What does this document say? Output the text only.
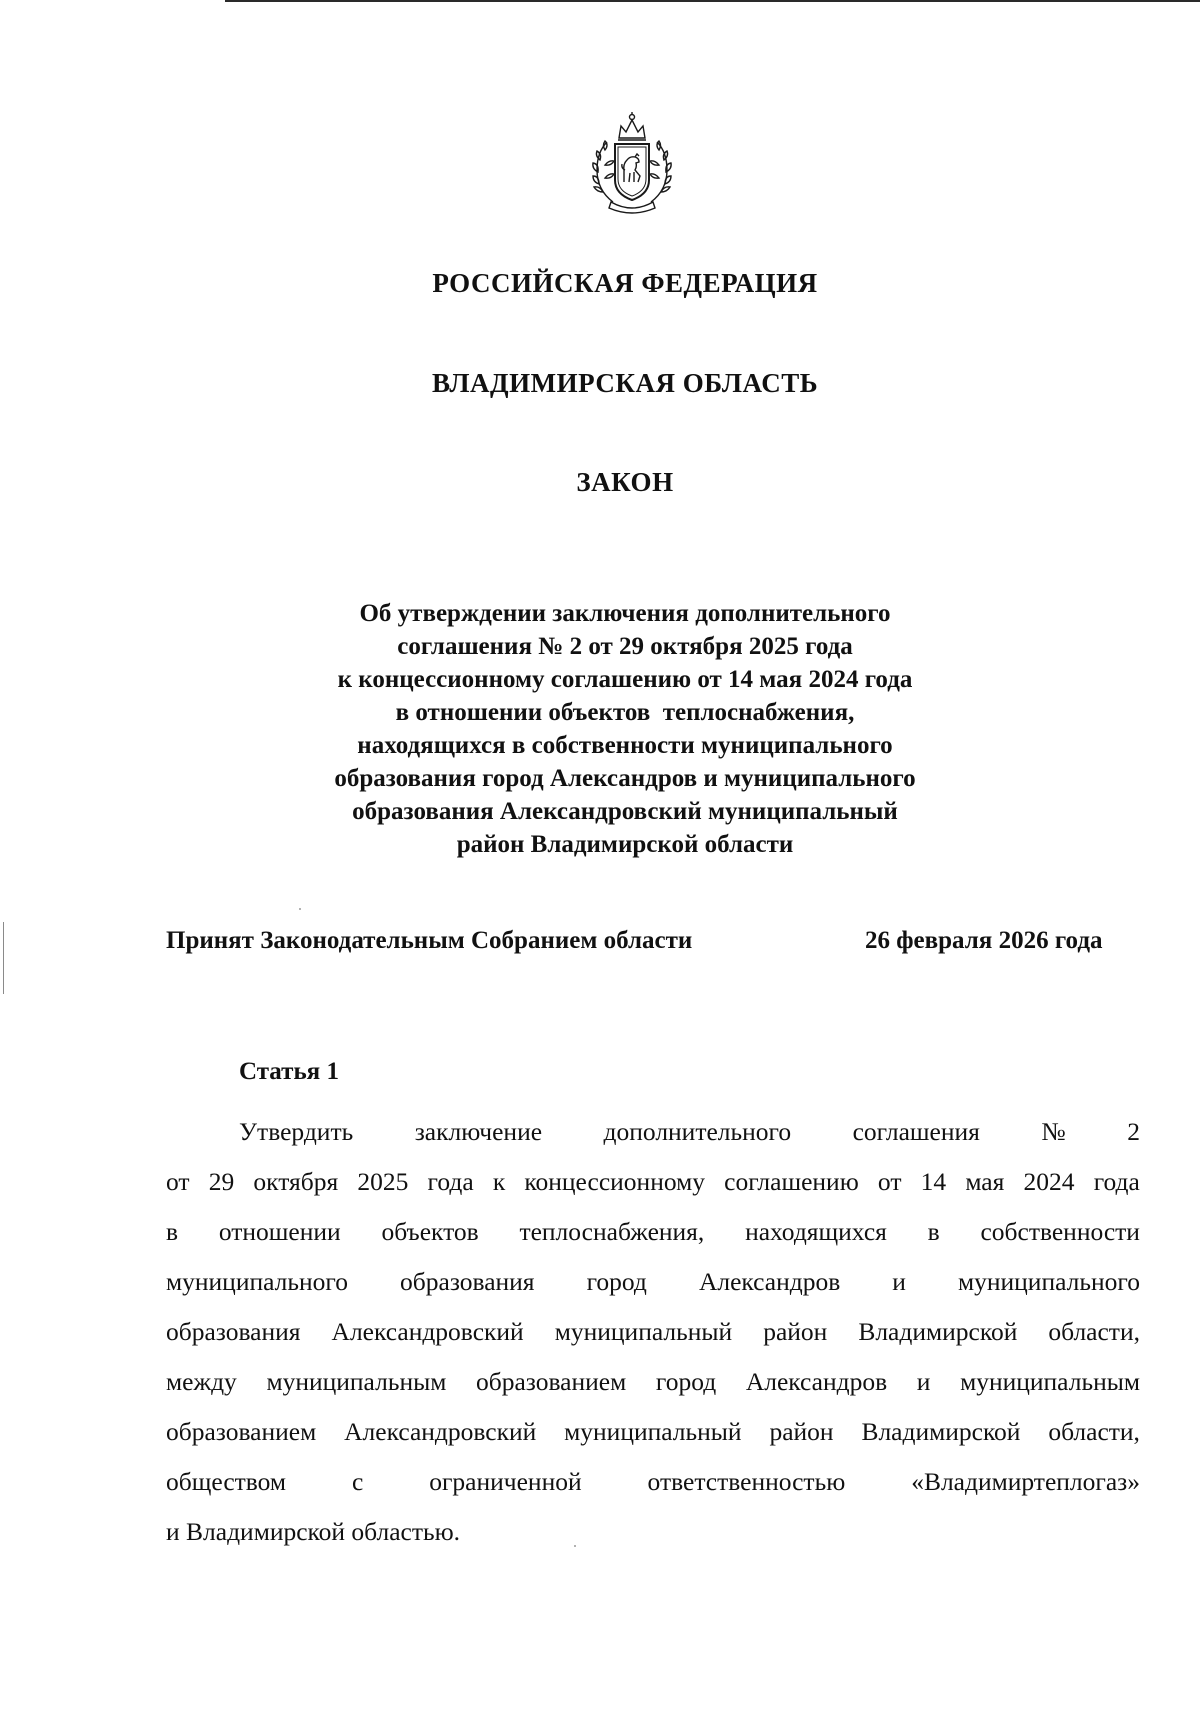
РОССИЙСКАЯ ФЕДЕРАЦИЯ
ВЛАДИМИРСКАЯ ОБЛАСТЬ
ЗАКОН
Об утверждении заключения дополнительного
соглашения № 2 от 29 октября 2025 года
к концессионному соглашению от 14 мая 2024 года
в отношении объектов  теплоснабжения,
находящихся в собственности муниципального
образования город Александров и муниципального
образования Александровский муниципальный
район Владимирской области
Принят Законодательным Собранием области	26 февраля 2026 года
Статья 1
Утвердить заключение дополнительного соглашения № 2
от 29 октября 2025 года к концессионному соглашению от 14 мая 2024 года
в отношении объектов теплоснабжения, находящихся в собственности
муниципального образования город Александров и муниципального
образования Александровский муниципальный район Владимирской области,
между муниципальным образованием город Александров и муниципальным
образованием Александровский муниципальный район Владимирской области,
обществом	с	ограниченной	ответственностью	«Владимиртеплогаз»
и Владимирской областью.
